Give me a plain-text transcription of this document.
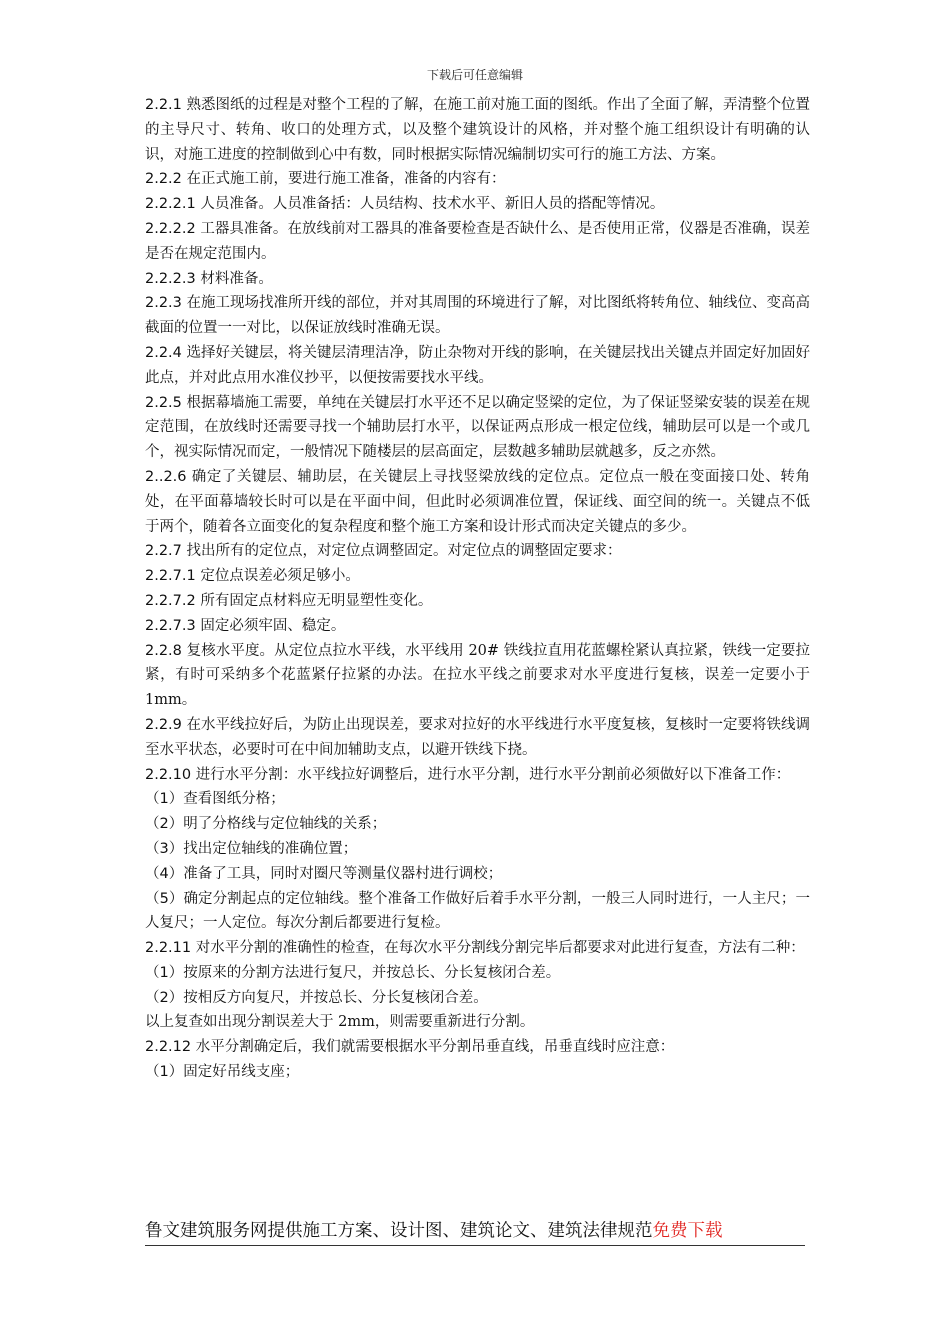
下载后可任意编辑

2.2.1 熟悉图纸的过程是对整个工程的了解，在施工前对施工面的图纸。作出了全面了解，弄清整个位置的主导尺寸、转角、收口的处理方式，以及整个建筑设计的风格，并对整个施工组织设计有明确的认识，对施工进度的控制做到心中有数，同时根据实际情况编制切实可行的施工方法、方案。

2.2.2 在正式施工前，要进行施工准备，准备的内容有：

2.2.2.1 人员准备。人员准备括：人员结构、技术水平、新旧人员的搭配等情况。

2.2.2.2 工器具准备。在放线前对工器具的准备要检查是否缺什么、是否使用正常，仪器是否准确，误差是否在规定范围内。

2.2.2.3 材料准备。

2.2.3 在施工现场找准所开线的部位，并对其周围的环境进行了解，对比图纸将转角位、轴线位、变高高截面的位置一一对比，以保证放线时准确无误。

2.2.4 选择好关键层，将关键层清理洁净，防止杂物对开线的影响，在关键层找出关键点并固定好加固好此点，并对此点用水准仪抄平，以便按需要找水平线。

2.2.5 根据幕墙施工需要，单纯在关键层打水平还不足以确定竖梁的定位，为了保证竖梁安装的误差在规定范围，在放线时还需要寻找一个辅助层打水平，以保证两点形成一根定位线，辅助层可以是一个或几个，视实际情况而定，一般情况下随楼层的层高面定，层数越多辅助层就越多，反之亦然。

2..2.6 确定了关键层、辅助层，在关键层上寻找竖梁放线的定位点。定位点一般在变面接口处、转角处，在平面幕墙较长时可以是在平面中间，但此时必须调准位置，保证线、面空间的统一。关键点不低于两个，随着各立面变化的复杂程度和整个施工方案和设计形式而决定关键点的多少。

2.2.7 找出所有的定位点，对定位点调整固定。对定位点的调整固定要求：

2.2.7.1 定位点误差必须足够小。

2.2.7.2 所有固定点材料应无明显塑性变化。

2.2.7.3 固定必须牢固、稳定。

2.2.8 复核水平度。从定位点拉水平线，水平线用 20# 铁线拉直用花蓝螺栓紧认真拉紧，铁线一定要拉紧，有时可采纳多个花蓝紧仔拉紧的办法。在拉水平线之前要求对水平度进行复核，误差一定要小于 1mm。

2.2.9 在水平线拉好后，为防止出现误差，要求对拉好的水平线进行水平度复核，复核时一定要将铁线调至水平状态，必要时可在中间加辅助支点，以避开铁线下挠。

2.2.10 进行水平分割：水平线拉好调整后，进行水平分割，进行水平分割前必须做好以下准备工作：

（1）查看图纸分格；

（2）明了分格线与定位轴线的关系；

（3）找出定位轴线的准确位置；

（4）准备了工具，同时对圈尺等测量仪器村进行调校；

（5）确定分割起点的定位轴线。整个准备工作做好后着手水平分割，一般三人同时进行，一人主尺；一人复尺；一人定位。每次分割后都要进行复检。

2.2.11 对水平分割的准确性的检查，在每次水平分割线分割完毕后都要求对此进行复查，方法有二种：

（1）按原来的分割方法进行复尺，并按总长、分长复核闭合差。

（2）按相反方向复尺，并按总长、分长复核闭合差。

以上复查如出现分割误差大于 2mm，则需要重新进行分割。

2.2.12 水平分割确定后，我们就需要根据水平分割吊垂直线，吊垂直线时应注意：

（1）固定好吊线支座；

鲁文建筑服务网提供施工方案、设计图、建筑论文、建筑法律规范免费下载
